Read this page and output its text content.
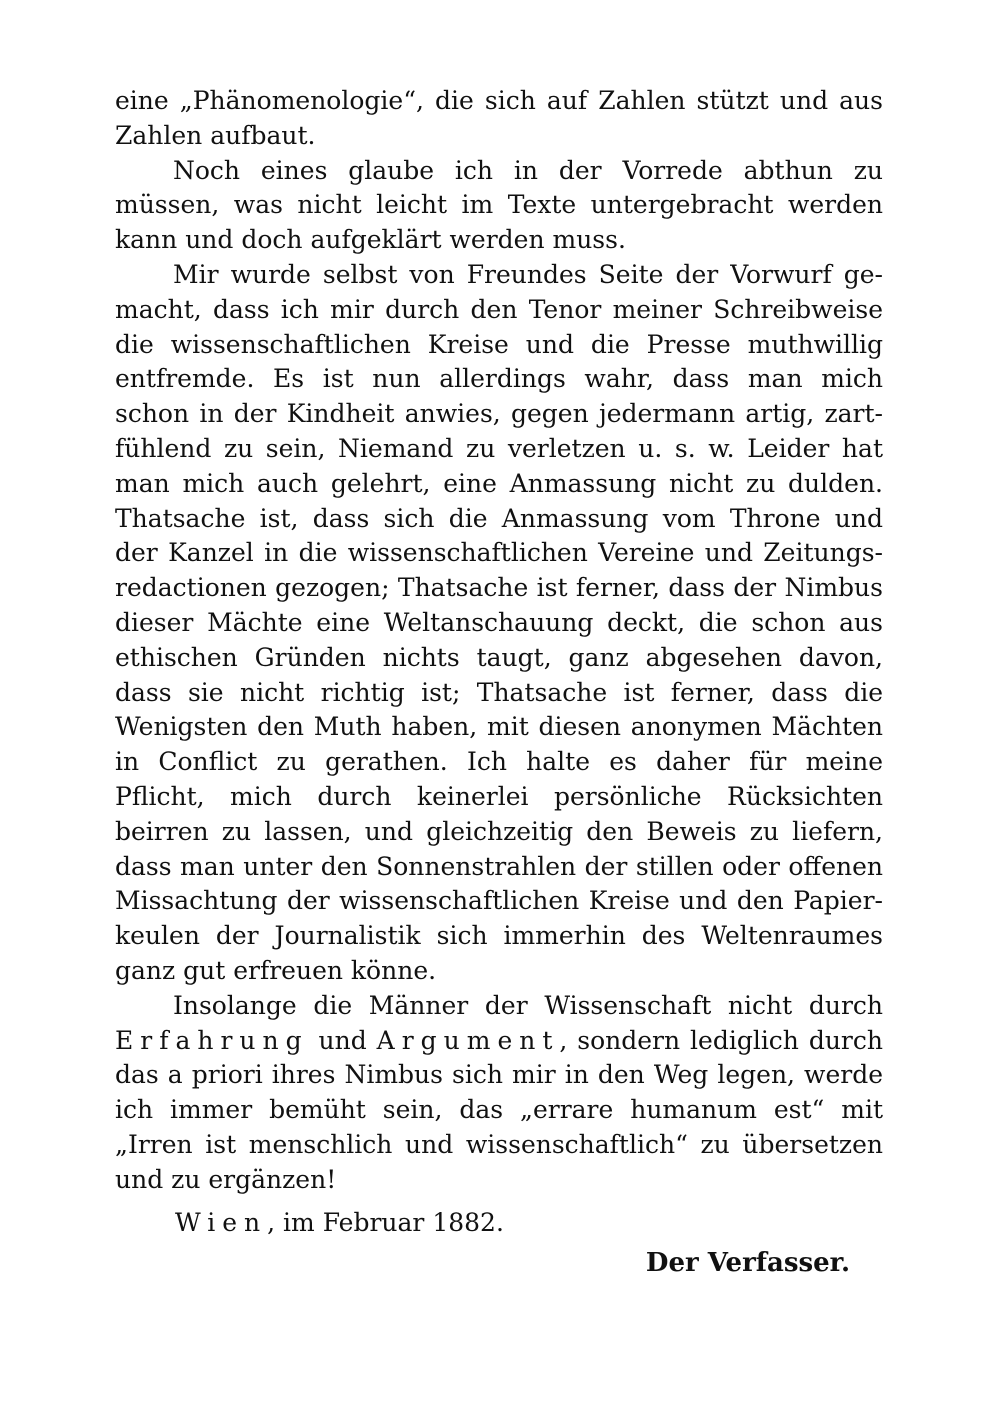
eine „Phänomenologie“, die sich auf Zahlen stützt und aus
Zahlen aufbaut.
Noch eines glaube ich in der Vorrede abthun zu
müssen, was nicht leicht im Texte untergebracht werden
kann und doch aufgeklärt werden muss.
Mir wurde selbst von Freundes Seite der Vorwurf ge-
macht, dass ich mir durch den Tenor meiner Schreibweise
die wissenschaftlichen Kreise und die Presse muthwillig
entfremde. Es ist nun allerdings wahr, dass man mich
schon in der Kindheit anwies, gegen jedermann artig, zart-
fühlend zu sein, Niemand zu verletzen u. s. w. Leider hat
man mich auch gelehrt, eine Anmassung nicht zu dulden.
Thatsache ist, dass sich die Anmassung vom Throne und
der Kanzel in die wissenschaftlichen Vereine und Zeitungs-
redactionen gezogen; Thatsache ist ferner, dass der Nimbus
dieser Mächte eine Weltanschauung deckt, die schon aus
ethischen Gründen nichts taugt, ganz abgesehen davon,
dass sie nicht richtig ist; Thatsache ist ferner, dass die
Wenigsten den Muth haben, mit diesen anonymen Mächten
in Conflict zu gerathen. Ich halte es daher für meine
Pflicht, mich durch keinerlei persönliche Rücksichten
beirren zu lassen, und gleichzeitig den Beweis zu liefern,
dass man unter den Sonnenstrahlen der stillen oder offenen
Missachtung der wissenschaftlichen Kreise und den Papier-
keulen der Journalistik sich immerhin des Weltenraumes
ganz gut erfreuen könne.
Insolange die Männer der Wissenschaft nicht durch
Erfahrung und Argument, sondern lediglich durch
das a priori ihres Nimbus sich mir in den Weg legen, werde
ich immer bemüht sein, das „errare humanum est“ mit
„Irren ist menschlich und wissenschaftlich“ zu übersetzen
und zu ergänzen!
Wien, im Februar 1882.
Der Verfasser.
